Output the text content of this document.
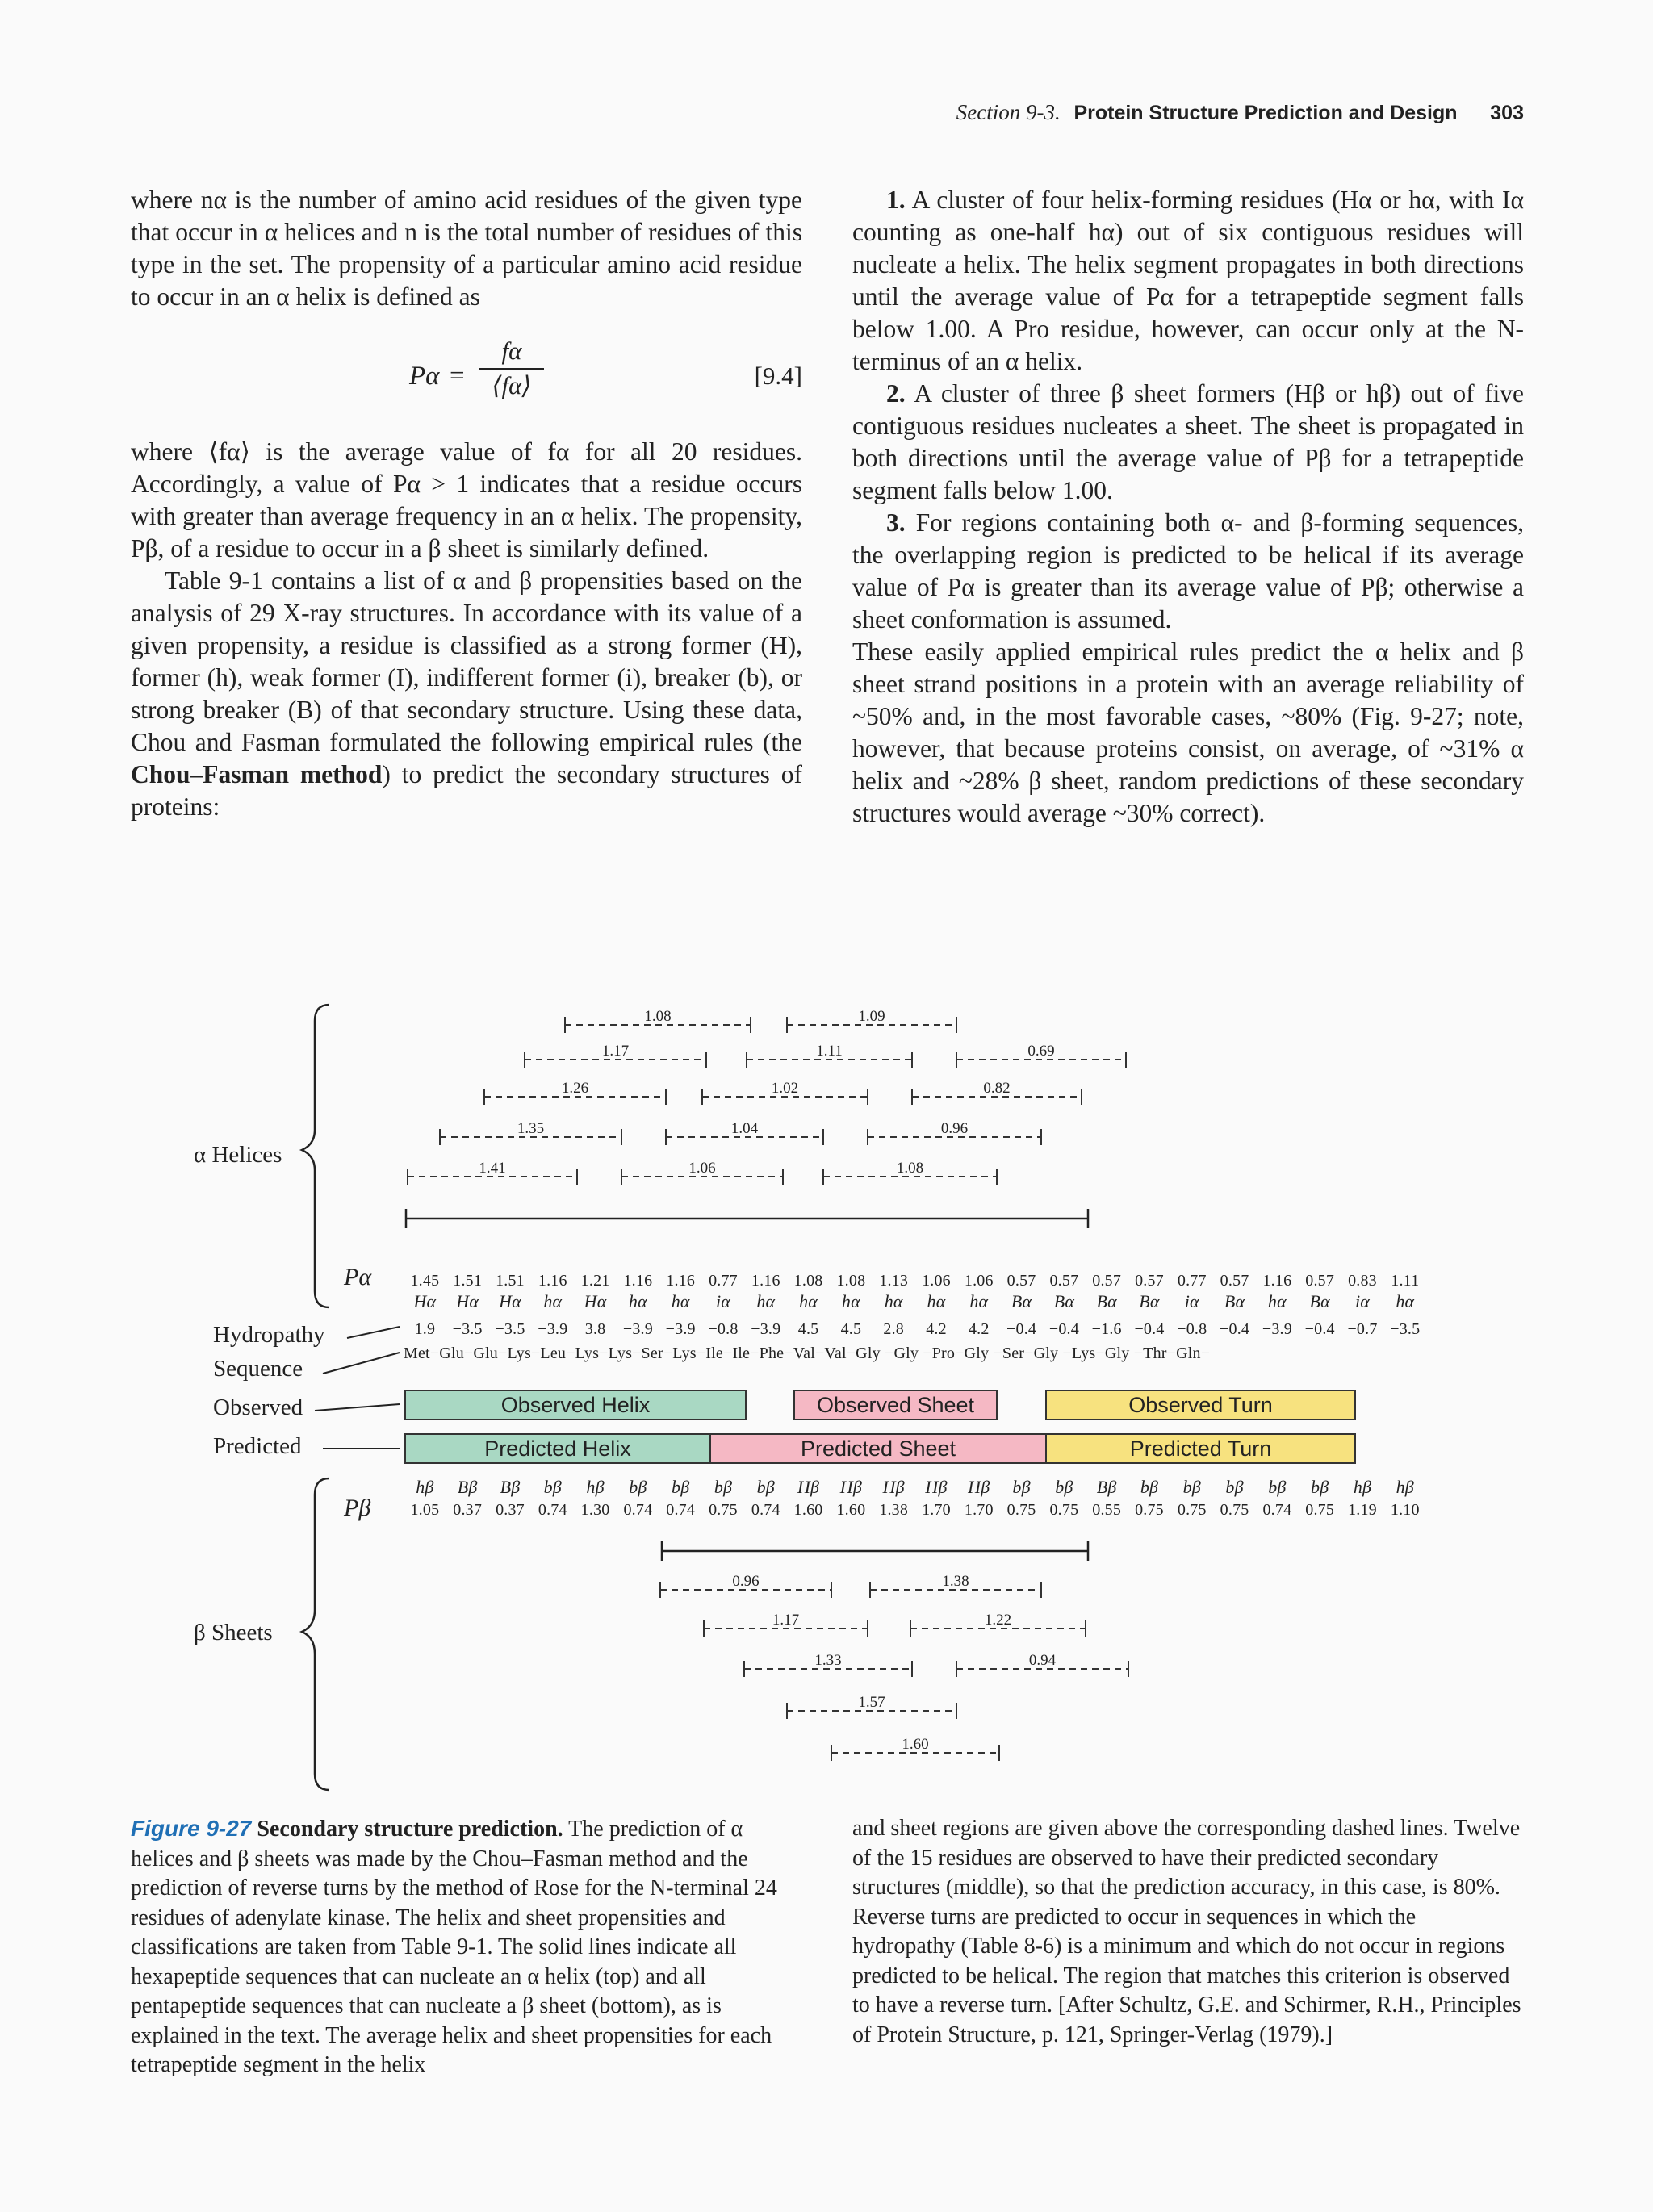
Section 9-3. Protein Structure Prediction and Design 303

where nα is the number of amino acid residues of the given type that occur in α helices and n is the total number of residues of this type in the set. The propensity of a particular amino acid residue to occur in an α helix is defined as

$P\alpha = \frac{f\alpha}{⟨f\alpha⟩}$	[9.4]

where ⟨fα⟩ is the average value of fα for all 20 residues. Accordingly, a value of Pα > 1 indicates that a residue occurs with greater than average frequency in an α helix. The propensity, Pβ, of a residue to occur in a β sheet is similarly defined.

Table 9-1 contains a list of α and β propensities based on the analysis of 29 X-ray structures. In accordance with its value of a given propensity, a residue is classified as a strong former (H), former (h), weak former (I), indifferent former (i), breaker (b), or strong breaker (B) of that secondary structure. Using these data, Chou and Fasman formulated the following empirical rules (the Chou–Fasman method) to predict the secondary structures of proteins:

1. A cluster of four helix-forming residues (Hα or hα, with Iα counting as one-half hα) out of six contiguous residues will nucleate a helix. The helix segment propagates in both directions until the average value of Pα for a tetrapeptide segment falls below 1.00. A Pro residue, however, can occur only at the N-terminus of an α helix.

2. A cluster of three β sheet formers (Hβ or hβ) out of five contiguous residues nucleates a sheet. The sheet is propagated in both directions until the average value of Pβ for a tetrapeptide segment falls below 1.00.

3. For regions containing both α- and β-forming sequences, the overlapping region is predicted to be helical if its average value of Pα is greater than its average value of Pβ; otherwise a sheet conformation is assumed.

These easily applied empirical rules predict the α helix and β sheet strand positions in a protein with an average reliability of ~50% and, in the most favorable cases, ~80% (Fig. 9-27; note, however, that because proteins consist, on average, of ~31% α helix and ~28% β sheet, random predictions of these secondary structures would average ~30% correct).

1.08	1.09
1.17	1.11	0.69
1.26	1.02	0.82
1.35	1.04	0.96
1.41	1.06	1.08
0.96	1.38
1.17	1.22
1.33	0.94
1.57
1.60
α Helices
β Sheets
Pα
Hydropathy
Sequence
Observed
Predicted
Pβ
1.45 1.51 1.51 1.16 1.21 1.16 1.16 0.77 1.16 1.08 1.08 1.13 1.06 1.06 0.57 0.57 0.57 0.57 0.77 0.57 1.16 0.57 0.83 1.11
Hα	Hα	Hα	hα	Hα	hα	hα	iα	hα	hα	hα	hα	hα	hα	Bα	Bα	Bα	Bα	iα	Bα	hα	Bα	iα	hα
1.9	−3.5 −3.5 −3.9	3.8	−3.9 −3.9 −0.8 −3.9	4.5	4.5	2.8	4.2	4.2	−0.4 −0.4 −1.6 −0.4 −0.8 −0.4 −3.9 −0.4 −0.7 −3.5
Met−Glu−Glu−Lys−Leu−Lys−Lys−Ser−Lys−Ile−Ile−Phe−Val−Val−Gly −Gly −Pro−Gly −Ser−Gly −Lys−Gly −Thr−Gln−
Observed Helix	Observed Sheet	Observed Turn
Predicted Helix	Predicted Sheet	Predicted Turn
hβ	Bβ	Bβ	bβ	hβ	bβ	bβ	bβ	bβ	Hβ	Hβ	Hβ	Hβ	Hβ	bβ	bβ	Bβ	bβ	bβ	bβ	bβ	bβ	hβ	hβ
1.05 0.37 0.37 0.74 1.30 0.74 0.74 0.75 0.74 1.60 1.60 1.38 1.70 1.70 0.75 0.75 0.55 0.75 0.75 0.75 0.74 0.75 1.19 1.10
Figure 9-27 Secondary structure prediction. The prediction of α helices and β sheets was made by the Chou–Fasman method and the prediction of reverse turns by the method of Rose for the N-terminal 24 residues of adenylate kinase. The helix and sheet propensities and classifications are taken from Table 9-1. The solid lines indicate all hexapeptide sequences that can nucleate an α helix (top) and all pentapeptide sequences that can nucleate a β sheet (bottom), as is explained in the text. The average helix and sheet propensities for each tetrapeptide segment in the helix
and sheet regions are given above the corresponding dashed lines. Twelve of the 15 residues are observed to have their predicted secondary structures (middle), so that the prediction accuracy, in this case, is 80%. Reverse turns are predicted to occur in sequences in which the hydropathy (Table 8-6) is a minimum and which do not occur in regions predicted to be helical. The region that matches this criterion is observed to have a reverse turn. [After Schultz, G.E. and Schirmer, R.H., Principles of Protein Structure, p. 121, Springer-Verlag (1979).]
